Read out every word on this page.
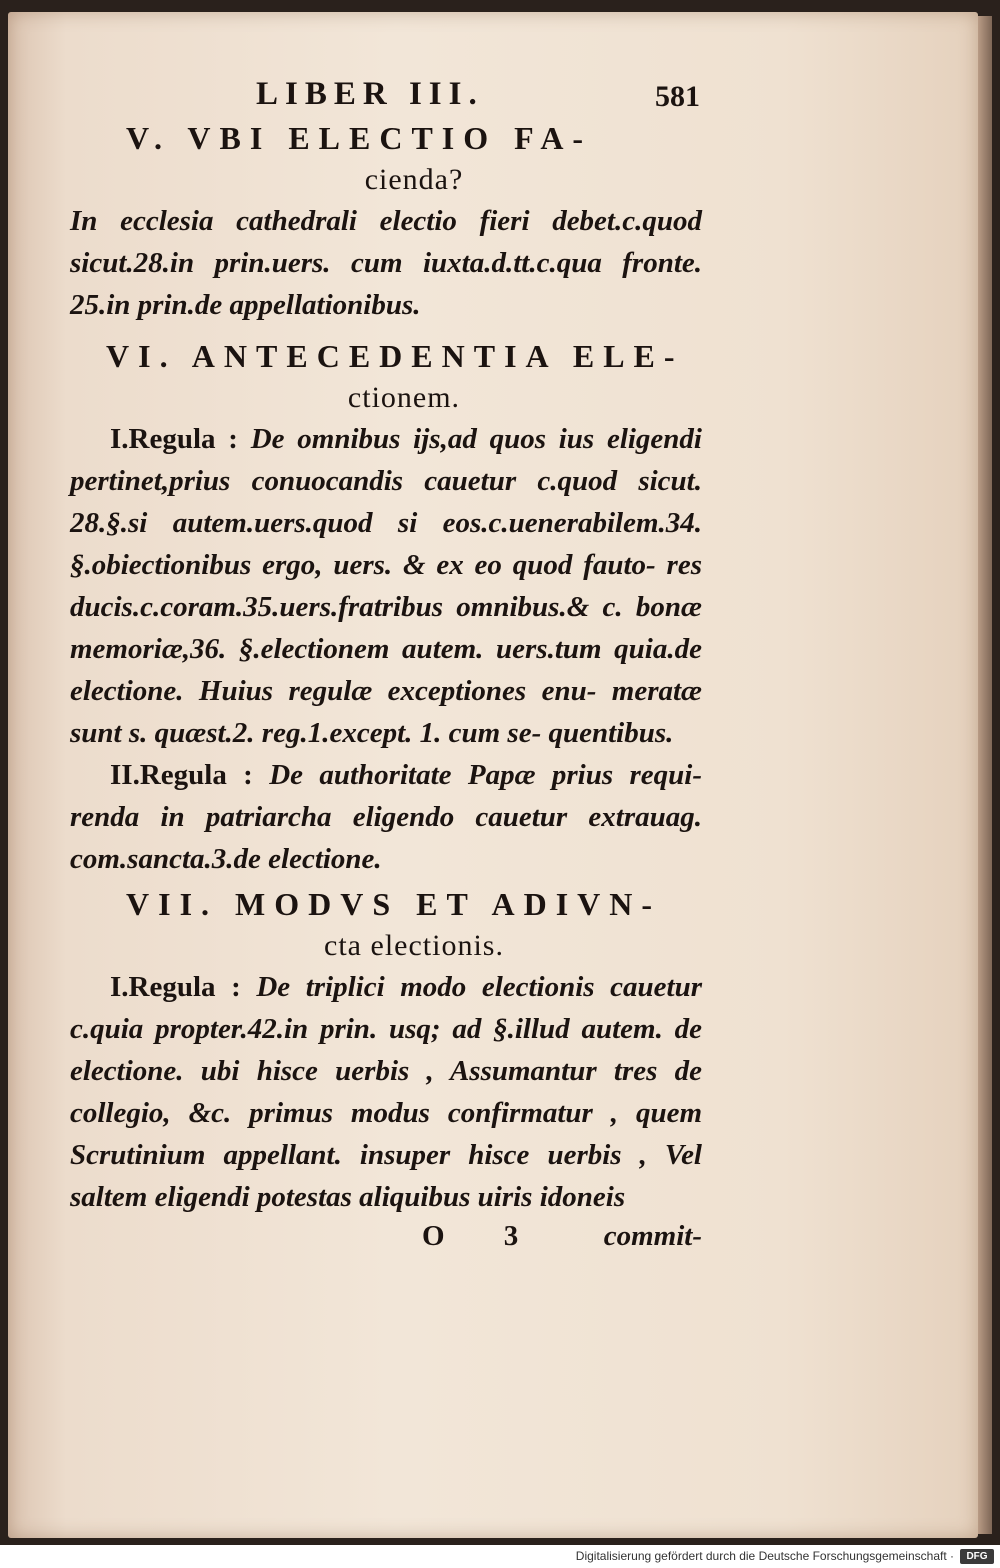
LIBER III.	581
V. VBI ELECTIO FA-
cienda?

In ecclesia cathedrali electio fieri debet.c.quod sicut.28.in prin.uers. cum iuxta.d.tt.c.qua fronte. 25.in prin.de appellationibus.

VI. ANTECEDENTIA ELE-
ctionem.

I.Regula : De omnibus ijs,ad quos ius eligendi pertinet,prius conuocandis cauetur c.quod sicut. 28.§.si autem.uers.quod si eos.c.uenerabilem.34. §.obiectionibus ergo, uers. & ex eo quod fauto- res ducis.c.coram.35.uers.fratribus omnibus.& c. bonæ memoriæ,36. §.electionem autem. uers.tum quia.de electione. Huius regulæ exceptiones enu- meratæ sunt s. quæst.2. reg.1.except. 1. cum se- quentibus.

II.Regula : De authoritate Papæ prius requi- renda in patriarcha eligendo cauetur extrauag. com.sancta.3.de electione.

VII. MODVS ET ADIVN-
cta electionis.

I.Regula : De triplici modo electionis cauetur c.quia propter.42.in prin. usq; ad §.illud autem. de electione. ubi hisce uerbis , Assumantur tres de collegio, &c. primus modus confirmatur , quem Scrutinium appellant. insuper hisce uerbis , Vel saltem eligendi potestas aliquibus uiris idoneis

O 3 commit-
Digitalisierung gefördert durch die Deutsche Forschungsgemeinschaft ·	DFG
